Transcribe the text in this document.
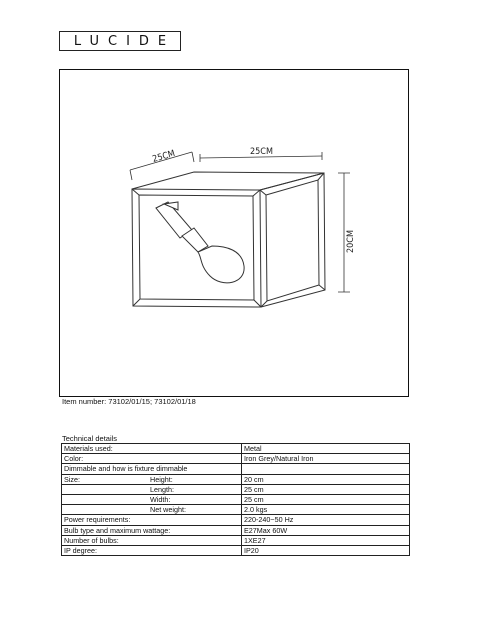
LUCIDE
25CM	25CM
20CM
Item number: 73102/01/15; 73102/01/18
Technical details
Materials used:	Metal
Color:	Iron Grey/Natural Iron
Dimmable and how is fixture dimmable	

Size: Height:	20 cm

Length:	25 cm

Width:	25 cm

Net weight:	2.0 kgs
Power requirements:	220-240~50 Hz
Bulb type and maximum wattage:	E27Max 60W
Number of bulbs:	1XE27
IP degree:	IP20
